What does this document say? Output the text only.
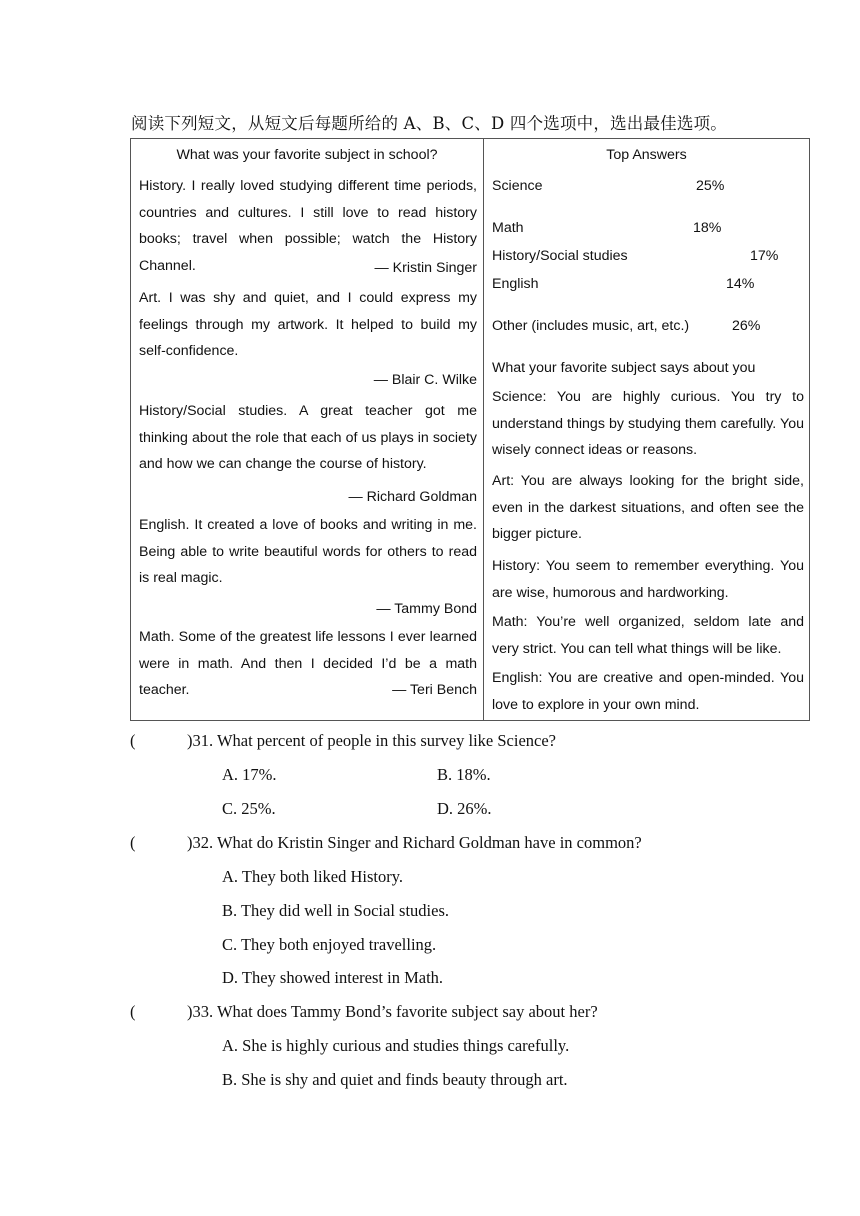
阅读下列短文，从短文后每题所给的 A、B、C、D 四个选项中，选出最佳选项。
What was your favorite subject in school?
History. I really loved studying different time periods, countries and cultures. I still love to read history books; travel when possible; watch the History Channel.	— Kristin Singer
Art. I was shy and quiet, and I could express my feelings through my artwork. It helped to build my self-confidence.
— Blair C. Wilke
History/Social studies. A great teacher got me thinking about the role that each of us plays in society and how we can change the course of history.
— Richard Goldman
English. It created a love of books and writing in me. Being able to write beautiful words for others to read is real magic.
— Tammy Bond
Math. Some of the greatest life lessons I ever learned were in math. And then I decided I’d be a math teacher.	— Teri Bench
Top Answers
Science	25%
Math	18%
History/Social studies	17%
English	14%
Other (includes music, art, etc.)	26%
What your favorite subject says about you
Science: You are highly curious. You try to understand things by studying them carefully. You wisely connect ideas or reasons.
Art: You are always looking for the bright side, even in the darkest situations, and often see the bigger picture.
History: You seem to remember everything. You are wise, humorous and hardworking.
Math: You’re well organized, seldom late and very strict. You can tell what things will be like.
English: You are creative and open-minded. You love to explore in your own mind.
(	)31. What percent of people in this survey like Science?
A. 17%.	B. 18%.
C. 25%.	D. 26%.
(	)32. What do Kristin Singer and Richard Goldman have in common?
A. They both liked History.
B. They did well in Social studies.
C. They both enjoyed travelling.
D. They showed interest in Math.
(	)33. What does Tammy Bond’s favorite subject say about her?
A. She is highly curious and studies things carefully.
B. She is shy and quiet and finds beauty through art.
